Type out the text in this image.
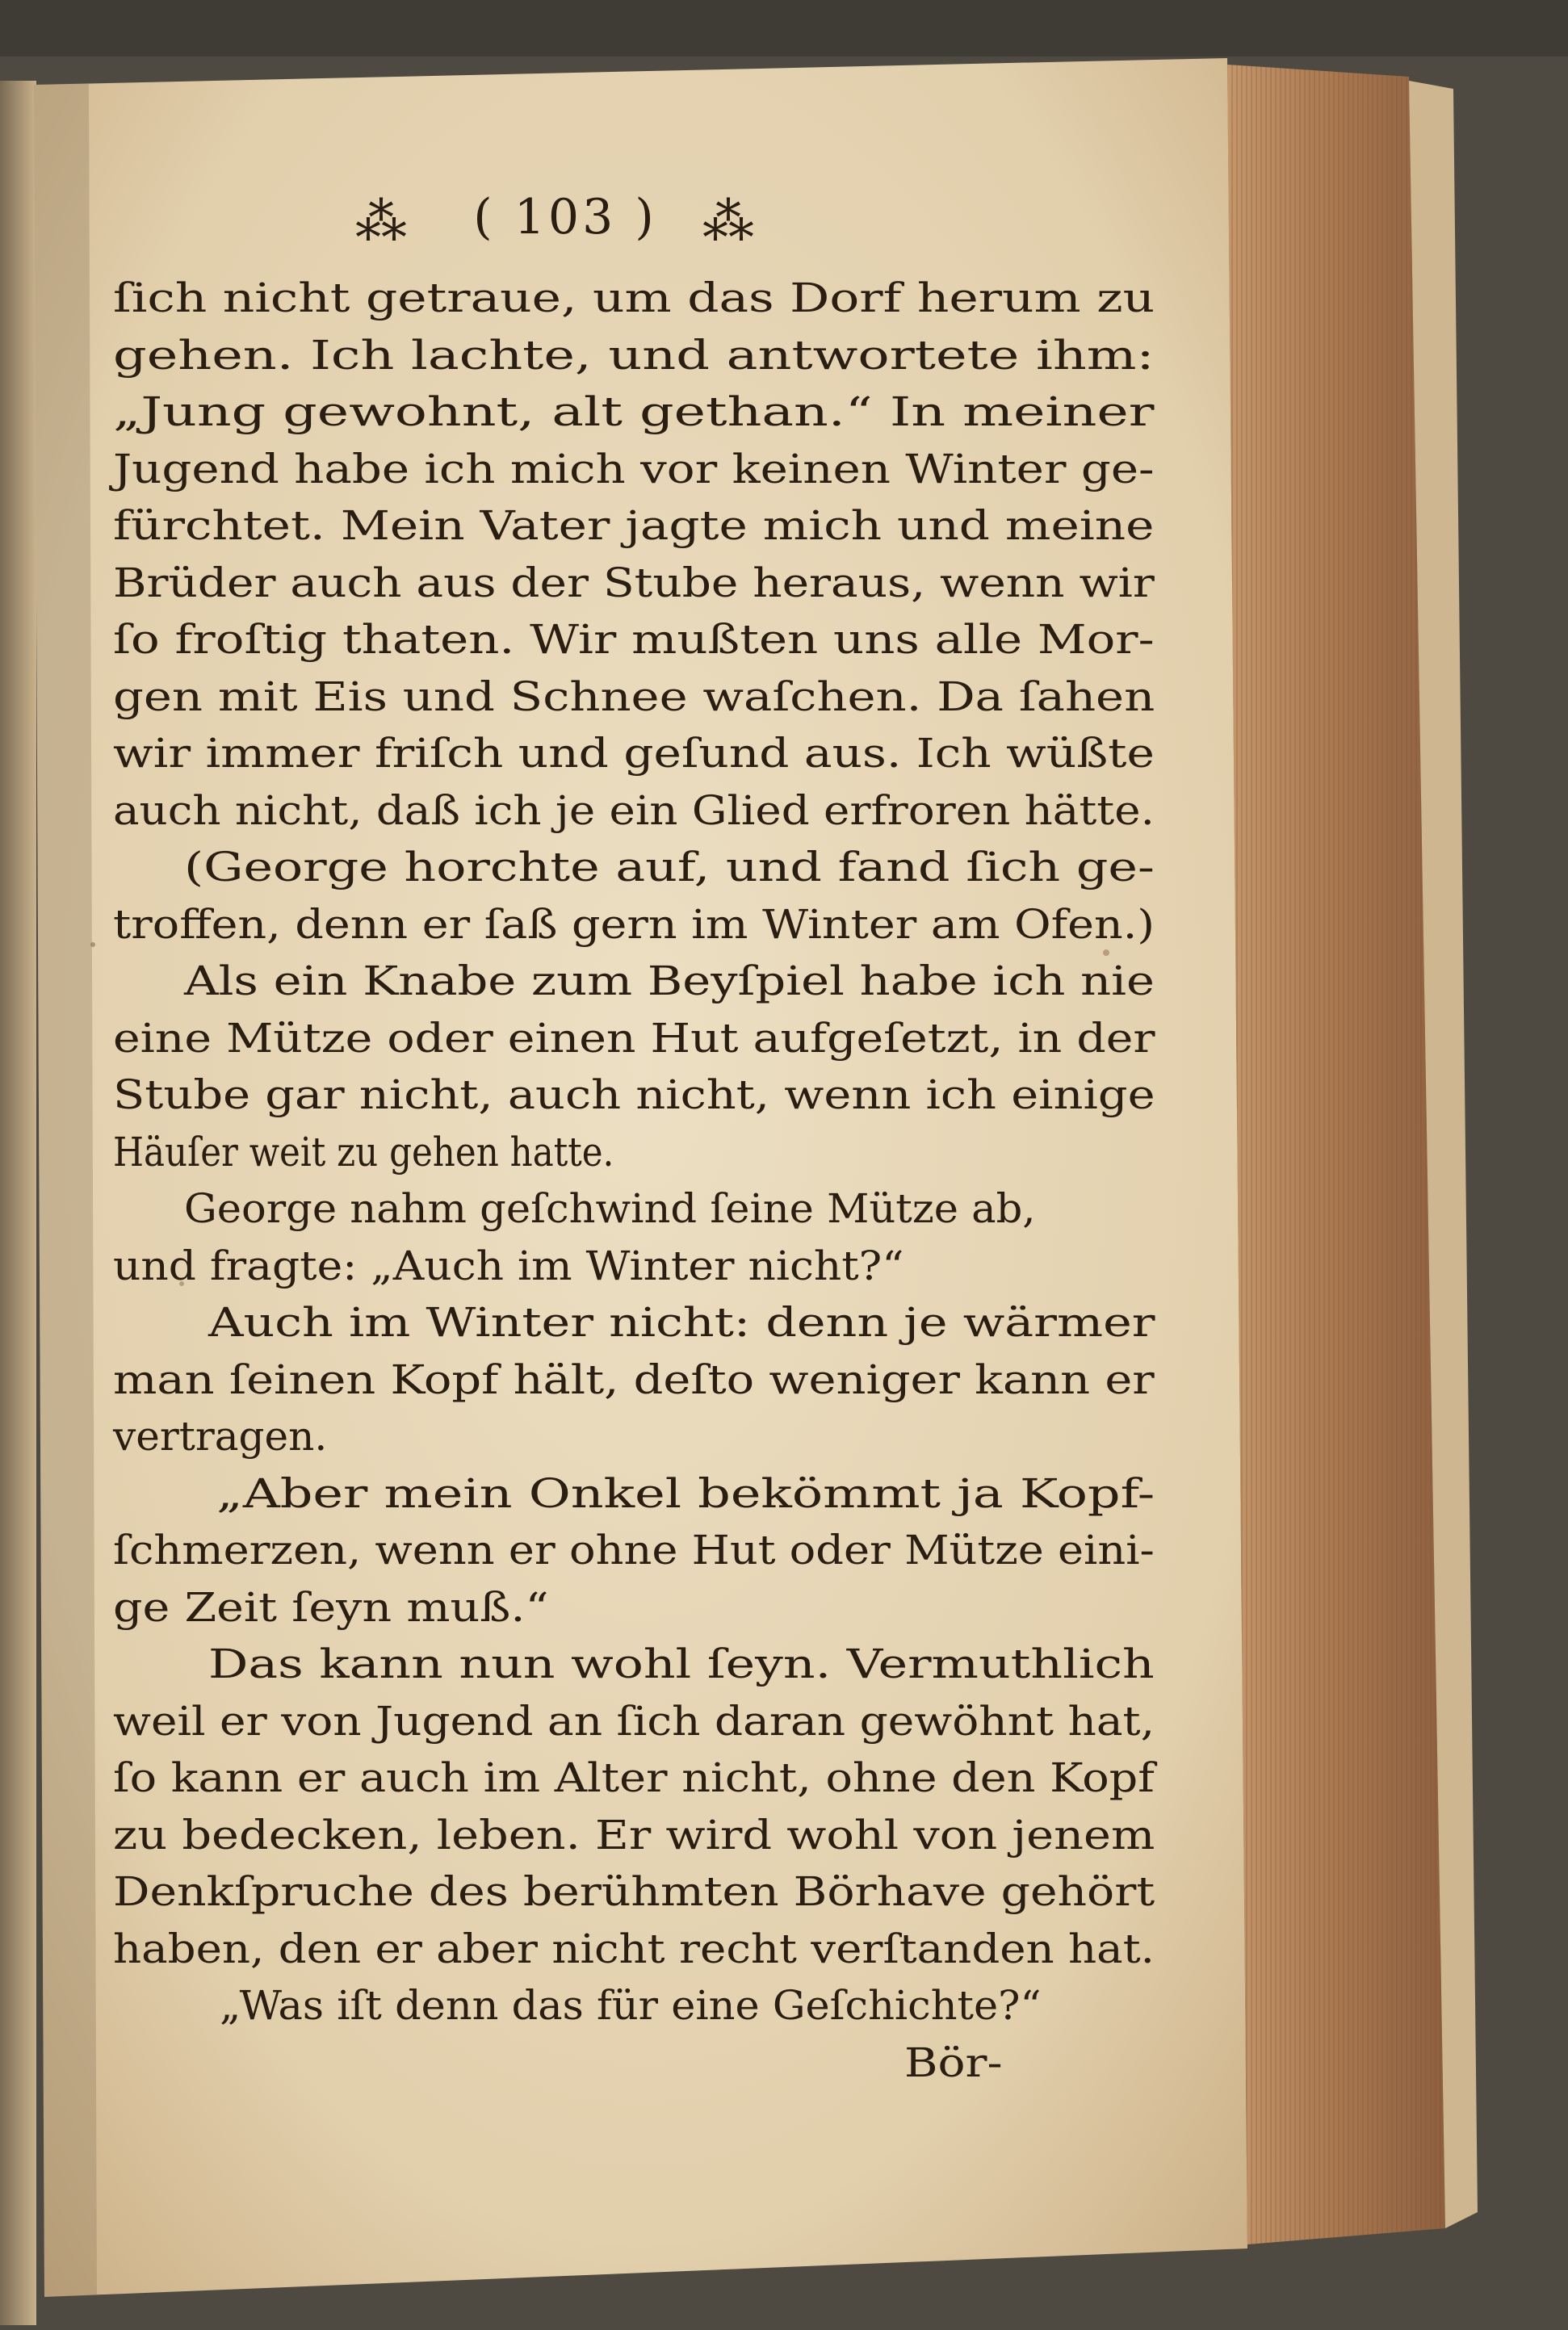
⁂ ( 103 ) ⁂

ſich nicht getraue, um das Dorf herum zu

gehen. Ich lachte, und antwortete ihm:

„Jung gewohnt, alt gethan.“ In meiner

Jugend habe ich mich vor keinen Winter ge-

fürchtet. Mein Vater jagte mich und meine

Brüder auch aus der Stube heraus, wenn wir

ſo froſtig thaten. Wir mußten uns alle Mor-

gen mit Eis und Schnee waſchen. Da ſahen

wir immer friſch und geſund aus. Ich wüßte

auch nicht, daß ich je ein Glied erfroren hätte.

(George horchte auf, und fand ſich ge-

troffen, denn er ſaß gern im Winter am Ofen.)

Als ein Knabe zum Beyſpiel habe ich nie

eine Mütze oder einen Hut aufgeſetzt, in der

Stube gar nicht, auch nicht, wenn ich einige

Häuſer weit zu gehen hatte.

George nahm geſchwind ſeine Mütze ab,

und fragte: „Auch im Winter nicht?“

Auch im Winter nicht: denn je wärmer

man ſeinen Kopf hält, deſto weniger kann er

vertragen.

„Aber mein Onkel bekömmt ja Kopf-

ſchmerzen, wenn er ohne Hut oder Mütze eini-

ge Zeit ſeyn muß.“

Das kann nun wohl ſeyn. Vermuthlich

weil er von Jugend an ſich daran gewöhnt hat,

ſo kann er auch im Alter nicht, ohne den Kopf

zu bedecken, leben. Er wird wohl von jenem

Denkſpruche des berühmten Börhave gehört

haben, den er aber nicht recht verſtanden hat.

„Was iſt denn das für eine Geſchichte?“

Bör-
